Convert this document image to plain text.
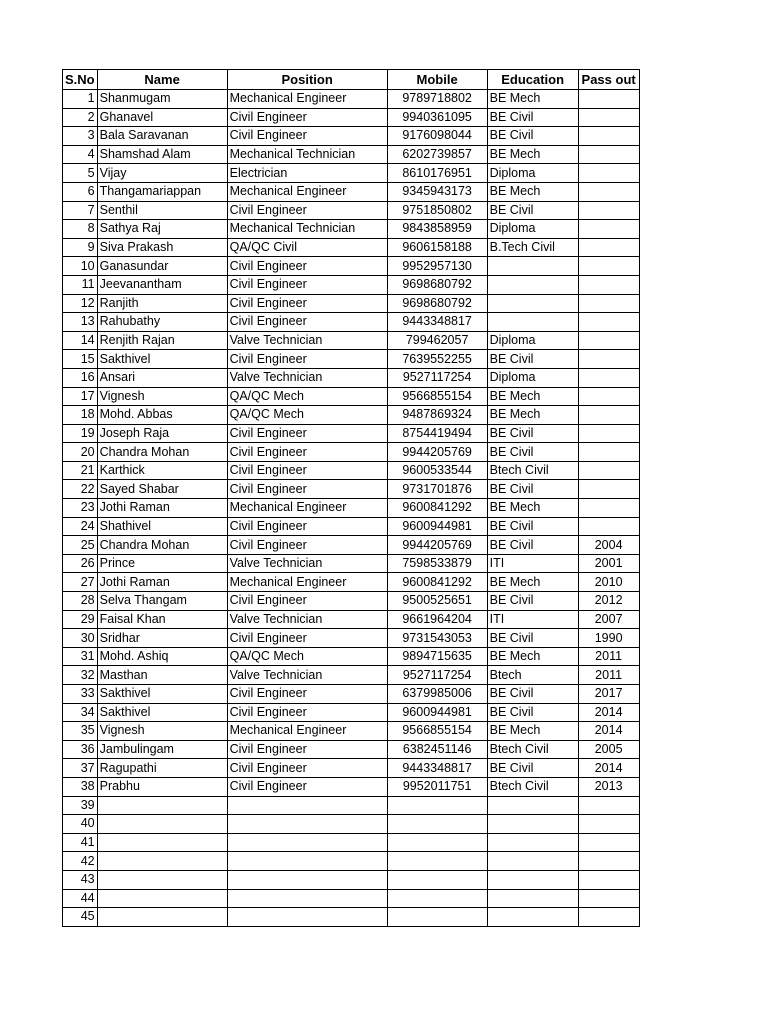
S.No	Name	Position	Mobile	Education	Pass out
1	Shanmugam	Mechanical Engineer	9789718802	BE Mech	
2	Ghanavel	Civil Engineer	9940361095	BE Civil	
3	Bala Saravanan	Civil Engineer	9176098044	BE Civil	
4	Shamshad Alam	Mechanical Technician	6202739857	BE Mech	
5	Vijay	Electrician	8610176951	Diploma	
6	Thangamariappan	Mechanical Engineer	9345943173	BE Mech	
7	Senthil	Civil Engineer	9751850802	BE Civil	
8	Sathya Raj	Mechanical Technician	9843858959	Diploma	
9	Siva Prakash	QA/QC Civil	9606158188	B.Tech Civil	
10	Ganasundar	Civil Engineer	9952957130		
11	Jeevanantham	Civil Engineer	9698680792		
12	Ranjith	Civil Engineer	9698680792		
13	Rahubathy	Civil Engineer	9443348817		
14	Renjith Rajan	Valve Technician	799462057	Diploma	
15	Sakthivel	Civil Engineer	7639552255	BE Civil	
16	Ansari	Valve Technician	9527117254	Diploma	
17	Vignesh	QA/QC Mech	9566855154	BE Mech	
18	Mohd. Abbas	QA/QC Mech	9487869324	BE Mech	
19	Joseph Raja	Civil Engineer	8754419494	BE Civil	
20	Chandra Mohan	Civil Engineer	9944205769	BE Civil	
21	Karthick	Civil Engineer	9600533544	Btech Civil	
22	Sayed Shabar	Civil Engineer	9731701876	BE Civil	
23	Jothi Raman	Mechanical Engineer	9600841292	BE Mech	
24	Shathivel	Civil Engineer	9600944981	BE Civil	
25	Chandra Mohan	Civil Engineer	9944205769	BE Civil	2004
26	Prince	Valve Technician	7598533879	ITI	2001
27	Jothi Raman	Mechanical Engineer	9600841292	BE Mech	2010
28	Selva Thangam	Civil Engineer	9500525651	BE Civil	2012
29	Faisal Khan	Valve Technician	9661964204	ITI	2007
30	Sridhar	Civil Engineer	9731543053	BE Civil	1990
31	Mohd. Ashiq	QA/QC Mech	9894715635	BE Mech	2011
32	Masthan	Valve Technician	9527117254	Btech	2011
33	Sakthivel	Civil Engineer	6379985006	BE Civil	2017
34	Sakthivel	Civil Engineer	9600944981	BE Civil	2014
35	Vignesh	Mechanical Engineer	9566855154	BE Mech	2014
36	Jambulingam	Civil Engineer	6382451146	Btech Civil	2005
37	Ragupathi	Civil Engineer	9443348817	BE Civil	2014
38	Prabhu	Civil Engineer	9952011751	Btech Civil	2013
39					
40					
41					
42					
43					
44					
45					
